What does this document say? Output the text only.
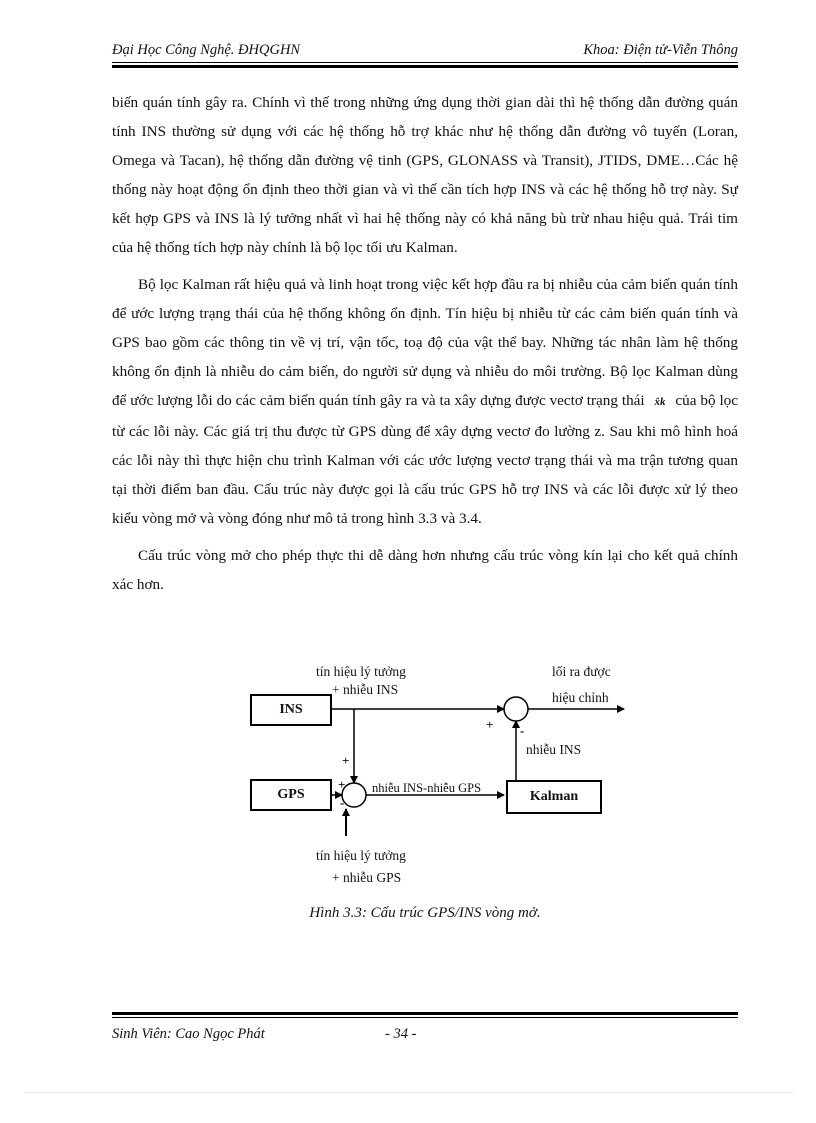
Đại Học Công Nghệ. ĐHQGHN	Khoa: Điện tử-Viễn Thông

biến quán tính gây ra. Chính vì thế trong những ứng dụng thời gian dài thì hệ thống dẫn đường quán tính INS thường sử dụng với các hệ thống hỗ trợ khác như hệ thống dẫn đường vô tuyến (Loran, Omega và Tacan), hệ thống dẫn đường vệ tinh (GPS, GLONASS và Transit), JTIDS, DME…Các hệ thống này hoạt động ổn định theo thời gian và vì thế cần tích hợp INS và các hệ thống hỗ trợ này. Sự kết hợp GPS và INS là lý tưởng nhất vì hai hệ thống này có khả năng bù trừ nhau hiệu quả. Trái tim của hệ thống tích hợp này chính là bộ lọc tối ưu Kalman.

Bộ lọc Kalman rất hiệu quả và linh hoạt trong việc kết hợp đầu ra bị nhiễu của cảm biến quán tính để ước lượng trạng thái của hệ thống không ổn định. Tín hiệu bị nhiễu từ các cảm biến quán tính và GPS bao gồm các thông tin về vị trí, vận tốc, toạ độ của vật thể bay. Những tác nhân làm hệ thống không ổn định là nhiễu do cảm biến, do người sử dụng và nhiễu do môi trường. Bộ lọc Kalman dùng để ước lượng lỗi do các cảm biến quán tính gây ra và ta xây dựng được vectơ trạng thái x̂k của bộ lọc từ các lỗi này. Các giá trị thu được từ GPS dùng để xây dựng vectơ đo lường z. Sau khi mô hình hoá các lỗi này thì thực hiện chu trình Kalman với các ước lượng vectơ trạng thái và ma trận tương quan tại thời điểm ban đầu. Cấu trúc này được gọi là cấu trúc GPS hỗ trợ INS và các lỗi được xử lý theo kiểu vòng mở và vòng đóng như mô tả trong hình 3.3 và 3.4.

Cấu trúc vòng mở cho phép thực thi dễ dàng hơn nhưng cấu trúc vòng kín lại cho kết quả chính xác hơn.

INS
GPS	Kalman
tín hiệu lý tưởng
+ nhiễu INS
lối ra được
hiệu chỉnh
nhiễu INS
nhiễu INS-nhiễu GPS
tín hiệu lý tưởng
+ nhiễu GPS
+ -
+
+
-
Hình 3.3: Cấu trúc GPS/INS vòng mở.
Sinh Viên: Cao Ngọc Phát	- 34 -
